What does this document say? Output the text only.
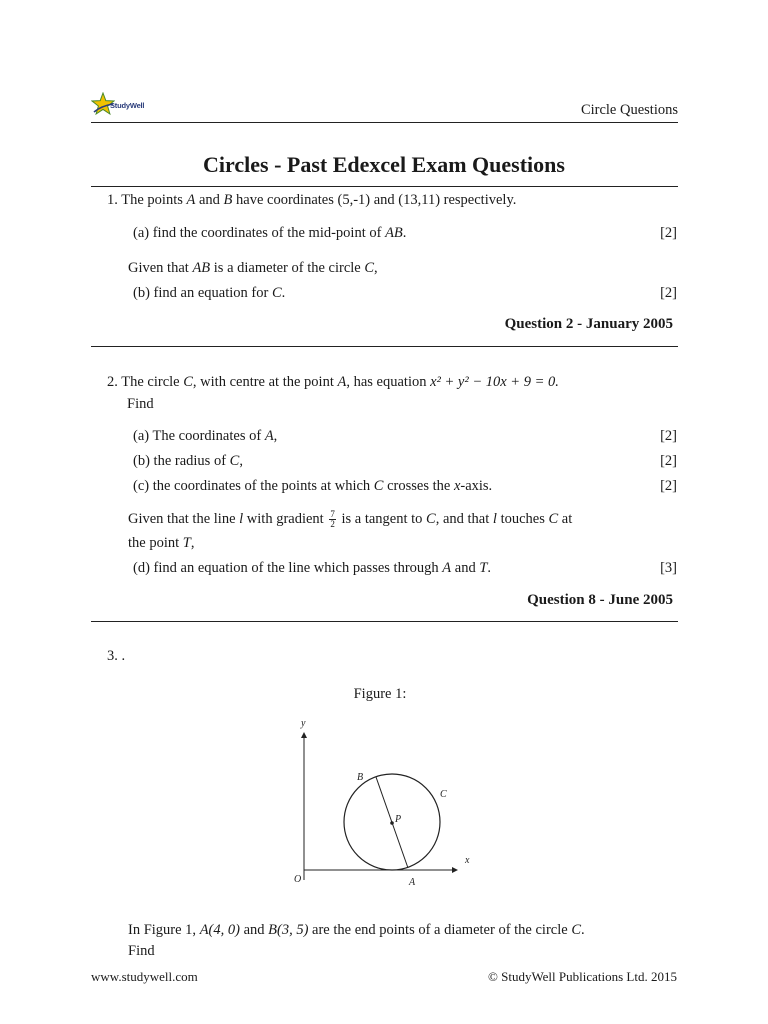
StudyWell	Circle Questions
Circles - Past Edexcel Exam Questions
1. The points A and B have coordinates (5,-1) and (13,11) respectively.
(a) find the coordinates of the mid-point of AB.	[2]
Given that AB is a diameter of the circle C,
(b) find an equation for C.	[2]
Question 2 - January 2005
2. The circle C, with centre at the point A, has equation x² + y² − 10x + 9 = 0.
Find
(a) The coordinates of A,	[2]
(b) the radius of C,	[2]
(c) the coordinates of the points at which C crosses the x-axis.	[2]
Given that the line l with gradient $\frac{7}{2}$ is a tangent to C, and that l touches C at
the point T,
(d) find an equation of the line which passes through A and T.	[3]
Question 8 - June 2005
3. .
Figure 1:
y
x
O	A
B
C
P
In Figure 1, A(4, 0) and B(3, 5) are the end points of a diameter of the circle C.
Find
www.studywell.com	© StudyWell Publications Ltd. 2015
